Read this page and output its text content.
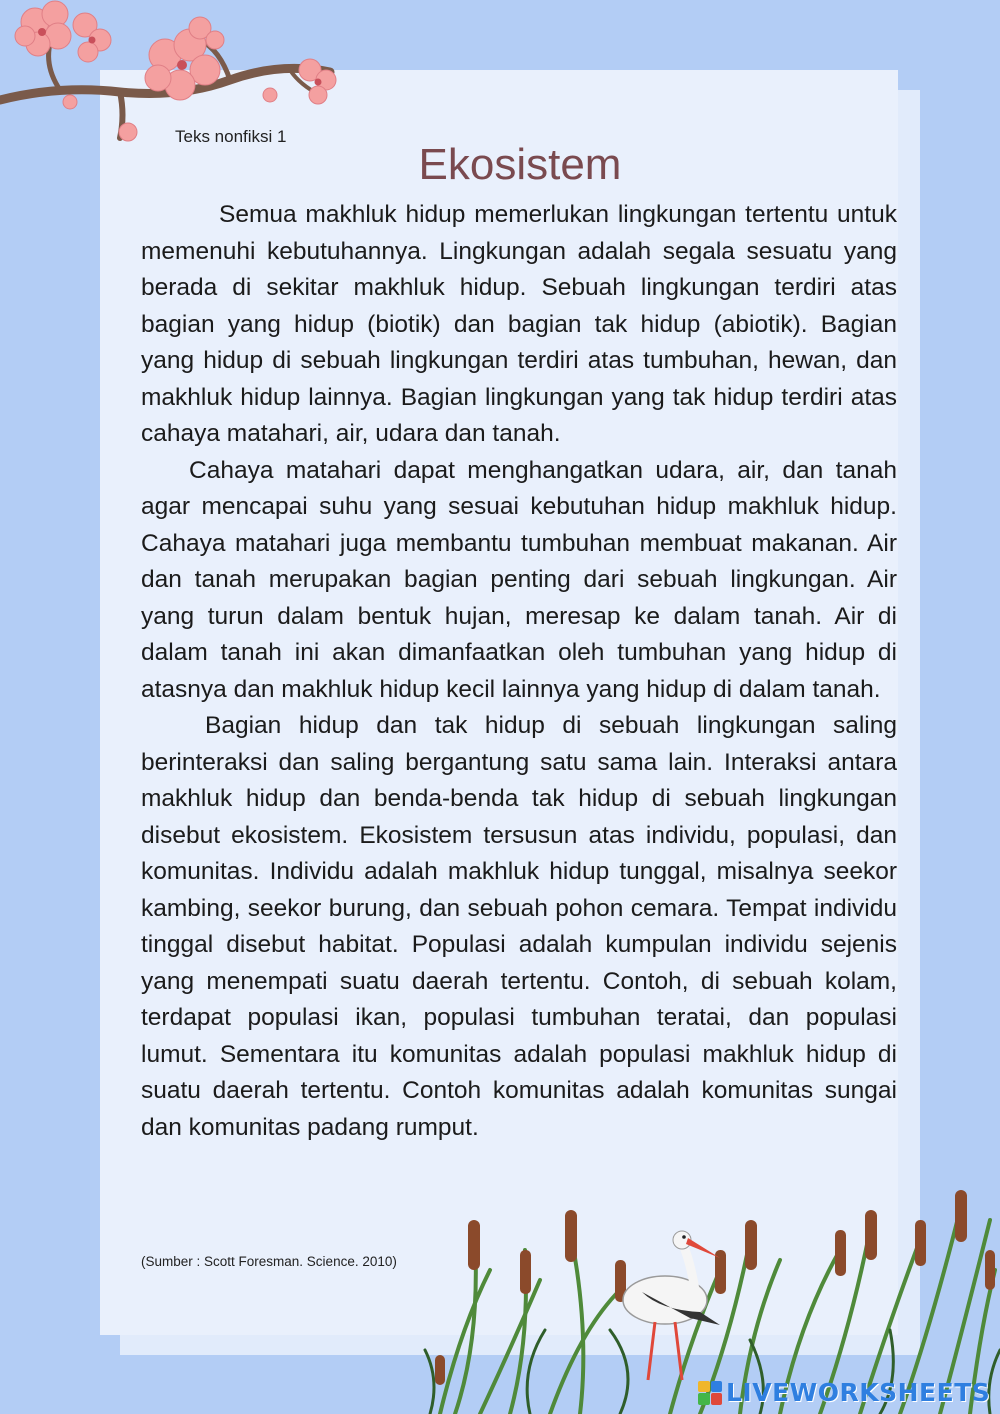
Teks nonfiksi 1
Ekosistem

Semua makhluk hidup memerlukan lingkungan tertentu untuk memenuhi kebutuhannya. Lingkungan adalah segala sesuatu yang berada di sekitar makhluk hidup. Sebuah lingkungan terdiri atas bagian yang hidup (biotik) dan bagian tak hidup (abiotik). Bagian yang hidup di sebuah lingkungan terdiri atas tumbuhan, hewan, dan makhluk hidup lainnya. Bagian lingkungan yang tak hidup terdiri atas cahaya matahari, air, udara dan tanah.

Cahaya matahari dapat menghangatkan udara, air, dan tanah agar mencapai suhu yang sesuai kebutuhan hidup makhluk hidup. Cahaya matahari juga membantu tumbuhan membuat makanan. Air dan tanah merupakan bagian penting dari sebuah lingkungan. Air yang turun dalam bentuk hujan, meresap ke dalam tanah. Air di dalam tanah ini akan dimanfaatkan oleh tumbuhan yang hidup di atasnya dan makhluk hidup kecil lainnya yang hidup di dalam tanah.

Bagian hidup dan tak hidup di sebuah lingkungan saling berinteraksi dan saling bergantung satu sama lain. Interaksi antara makhluk hidup dan benda-benda tak hidup di sebuah lingkungan disebut ekosistem. Ekosistem tersusun atas individu, populasi, dan komunitas. Individu adalah makhluk hidup tunggal, misalnya seekor kambing, seekor burung, dan sebuah pohon cemara. Tempat individu tinggal disebut habitat. Populasi adalah kumpulan individu sejenis yang menempati suatu daerah tertentu. Contoh, di sebuah kolam, terdapat populasi ikan, populasi tumbuhan teratai, dan populasi lumut. Sementara itu komunitas adalah populasi makhluk hidup di suatu daerah tertentu. Contoh komunitas adalah komunitas sungai dan komunitas padang rumput.

(Sumber : Scott Foresman. Science. 2010)
LIVEWORKSHEETS
